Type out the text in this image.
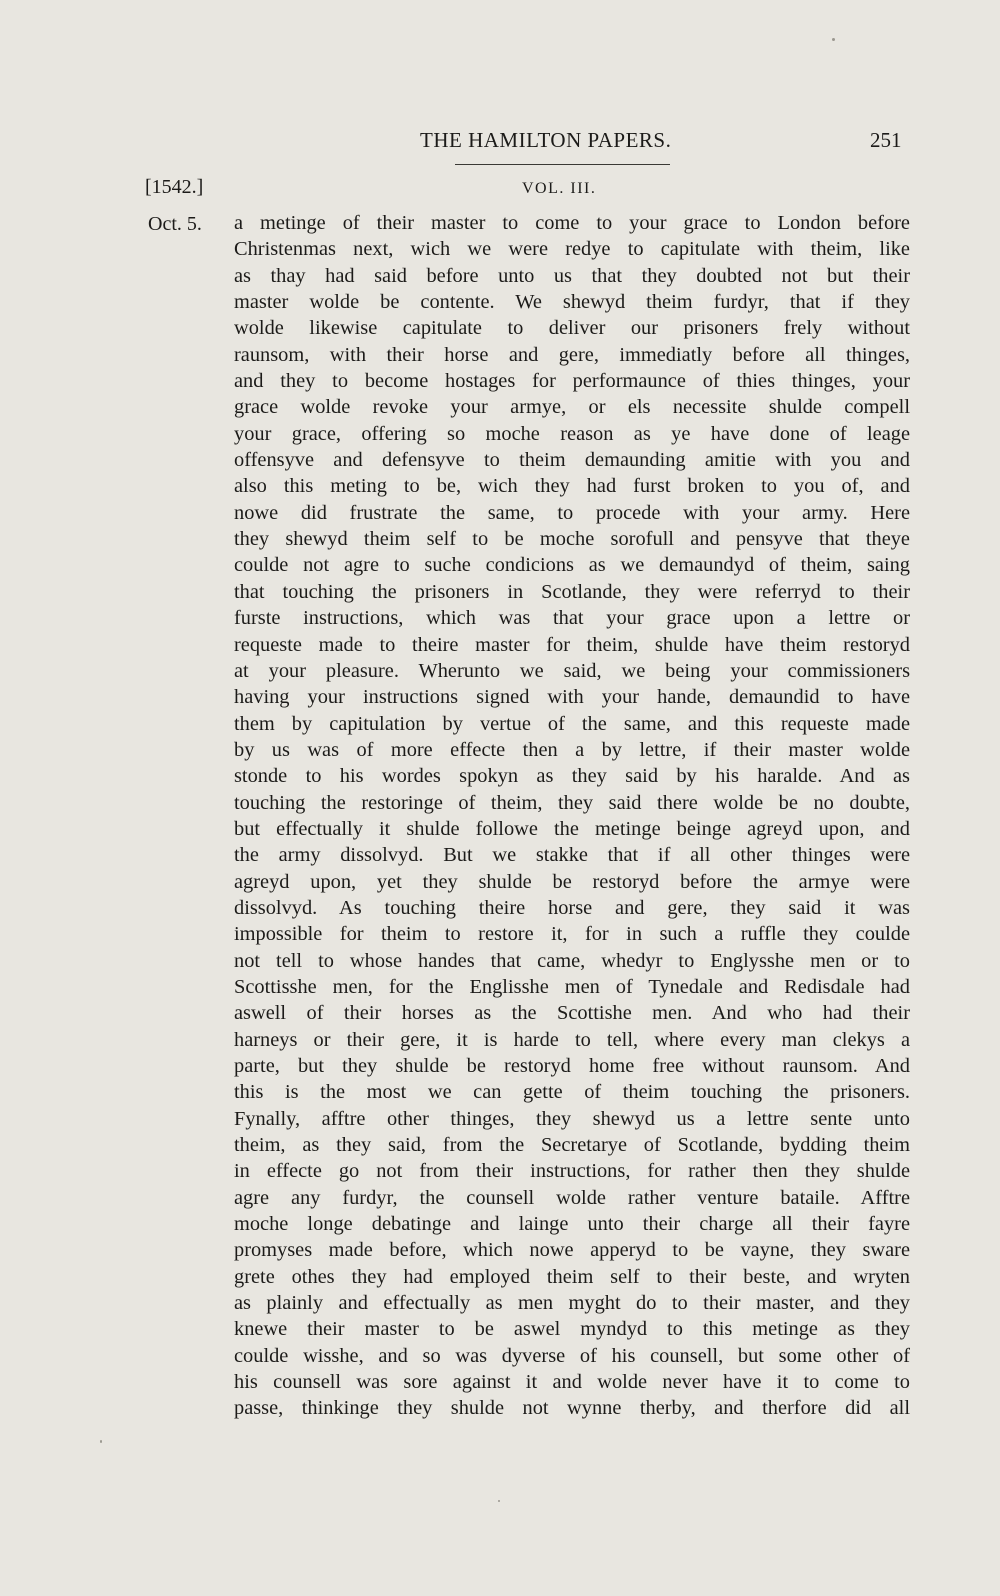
THE HAMILTON PAPERS.	251
[1542.]	VOL. III.
Oct. 5. a metinge of their master to come to your grace to London before
Christenmas next, wich we were redye to capitulate with theim, like
as thay had said before unto us that they doubted not but their
master wolde be contente. We shewyd theim furdyr, that if they
wolde likewise capitulate to deliver our prisoners frely without
raunsom, with their horse and gere, immediatly before all thinges,
and they to become hostages for performaunce of thies thinges, your
grace wolde revoke your armye, or els necessite shulde compell
your grace, offering so moche reason as ye have done of leage
offensyve and defensyve to theim demaunding amitie with you and
also this meting to be, wich they had furst broken to you of, and
nowe did frustrate the same, to procede with your army. Here
they shewyd theim self to be moche sorofull and pensyve that theye
coulde not agre to suche condicions as we demaundyd of theim, saing
that touching the prisoners in Scotlande, they were referryd to their
furste instructions, which was that your grace upon a lettre or
requeste made to theire master for theim, shulde have theim restoryd
at your pleasure. Wherunto we said, we being your commissioners
having your instructions signed with your hande, demaundid to have
them by capitulation by vertue of the same, and this requeste made
by us was of more effecte then a by lettre, if their master wolde
stonde to his wordes spokyn as they said by his haralde. And as
touching the restoringe of theim, they said there wolde be no doubte,
but effectually it shulde followe the metinge beinge agreyd upon, and
the army dissolvyd. But we stakke that if all other thinges were
agreyd upon, yet they shulde be restoryd before the armye were
dissolvyd. As touching theire horse and gere, they said it was
impossible for theim to restore it, for in such a ruffle they coulde
not tell to whose handes that came, whedyr to Englysshe men or to
Scottisshe men, for the Englisshe men of Tynedale and Redisdale had
aswell of their horses as the Scottishe men. And who had their
harneys or their gere, it is harde to tell, where every man clekys a
parte, but they shulde be restoryd home free without raunsom. And
this is the most we can gette of theim touching the prisoners.
Fynally, afftre other thinges, they shewyd us a lettre sente unto
theim, as they said, from the Secretarye of Scotlande, bydding theim
in effecte go not from their instructions, for rather then they shulde
agre any furdyr, the counsell wolde rather venture bataile. Afftre
moche longe debatinge and lainge unto their charge all their fayre
promyses made before, which nowe apperyd to be vayne, they sware
grete othes they had employed theim self to their beste, and wryten
as plainly and effectually as men myght do to their master, and they
knewe their master to be aswel myndyd to this metinge as they
coulde wisshe, and so was dyverse of his counsell, but some other of
his counsell was sore against it and wolde never have it to come to
passe, thinkinge they shulde not wynne therby, and therfore did all
